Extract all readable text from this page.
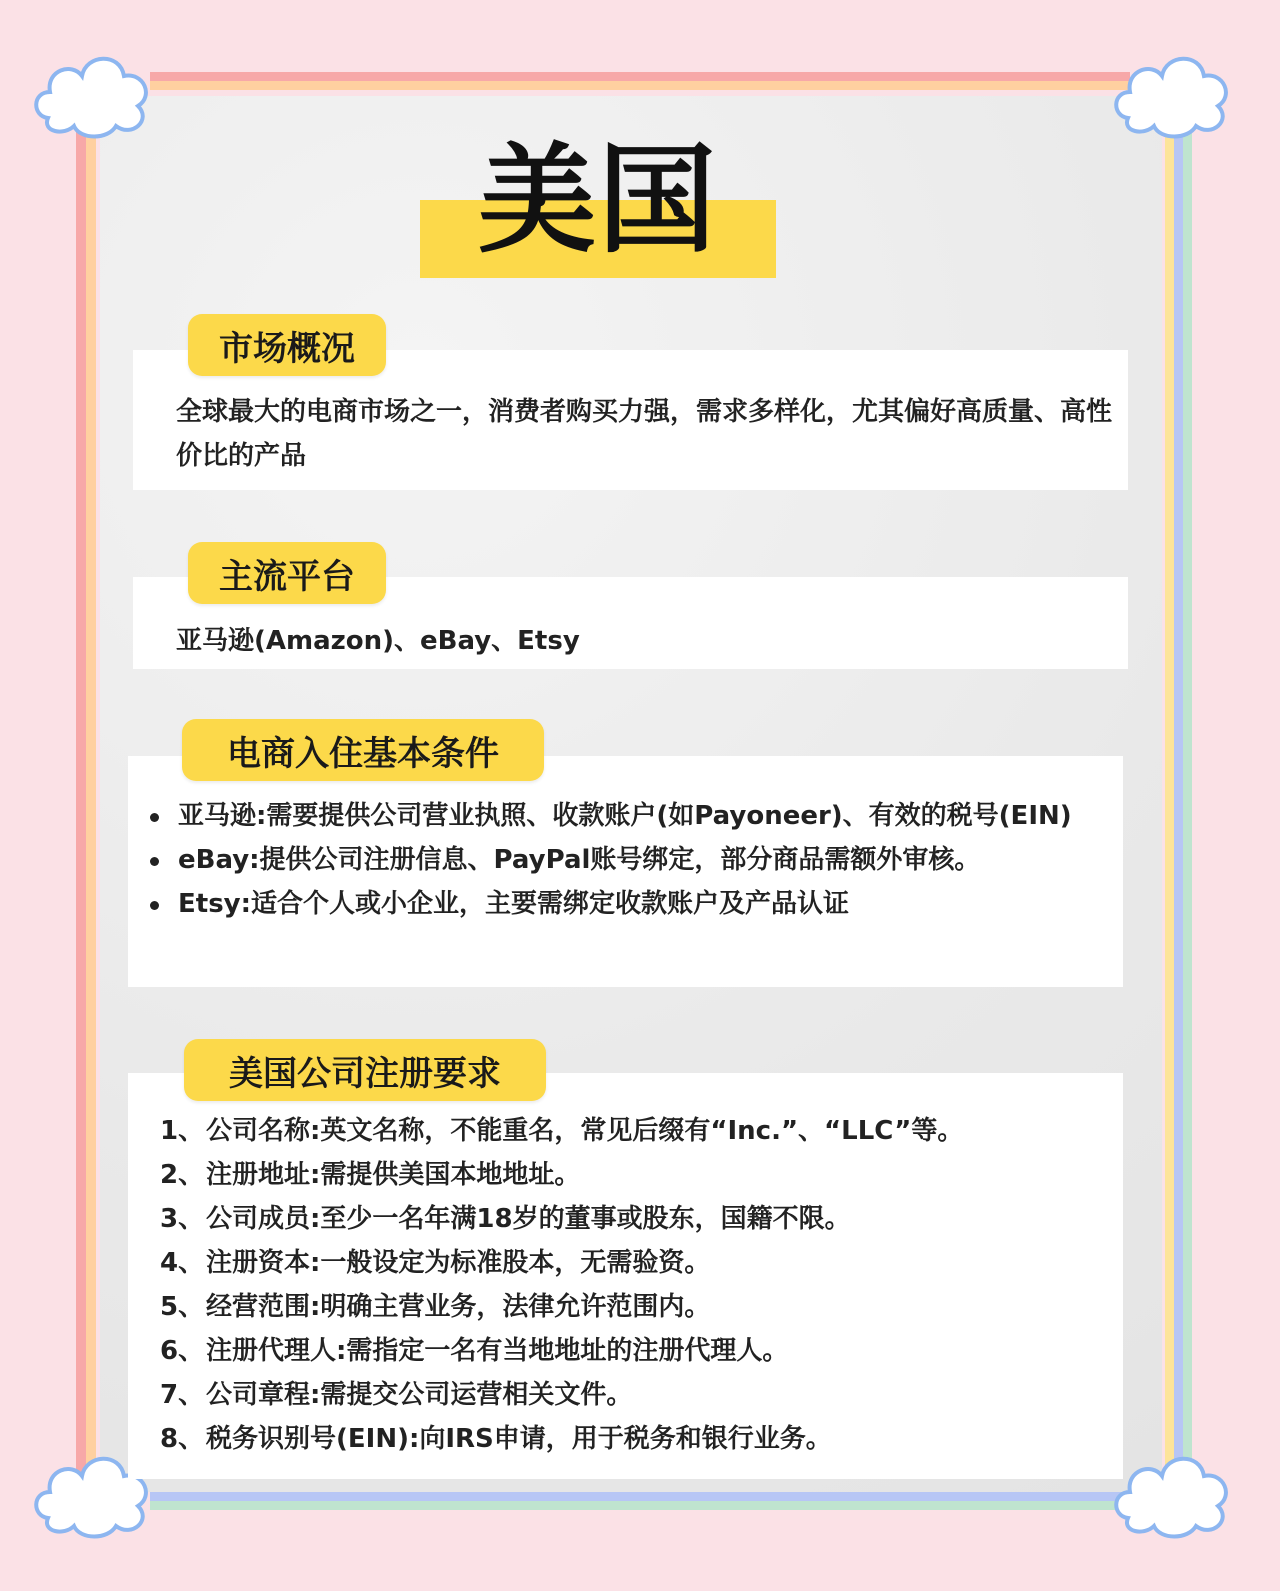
美国
全球最大的电商市场之一，消费者购买力强，需求多样化，尤其偏好高质量、高性价比的产品
市场概况
亚马逊(Amazon)、eBay、Etsy
主流平台
亚马逊:需要提供公司营业执照、收款账户(如Payoneer)、有效的税号(EIN)
eBay:提供公司注册信息、PayPal账号绑定，部分商品需额外审核。
Etsy:适合个人或小企业，主要需绑定收款账户及产品认证
电商入住基本条件
1、 公司名称:英文名称，不能重名，常见后缀有“Inc.”、“LLC”等。
2、 注册地址:需提供美国本地地址。
3、 公司成员:至少一名年满18岁的董事或股东，国籍不限。
4、 注册资本:一般设定为标准股本，无需验资。
5、 经营范围:明确主营业务，法律允许范围内。
6、 注册代理人:需指定一名有当地地址的注册代理人。
7、 公司章程:需提交公司运营相关文件。
8、 税务识别号(EIN):向IRS申请，用于税务和银行业务。
美国公司注册要求
